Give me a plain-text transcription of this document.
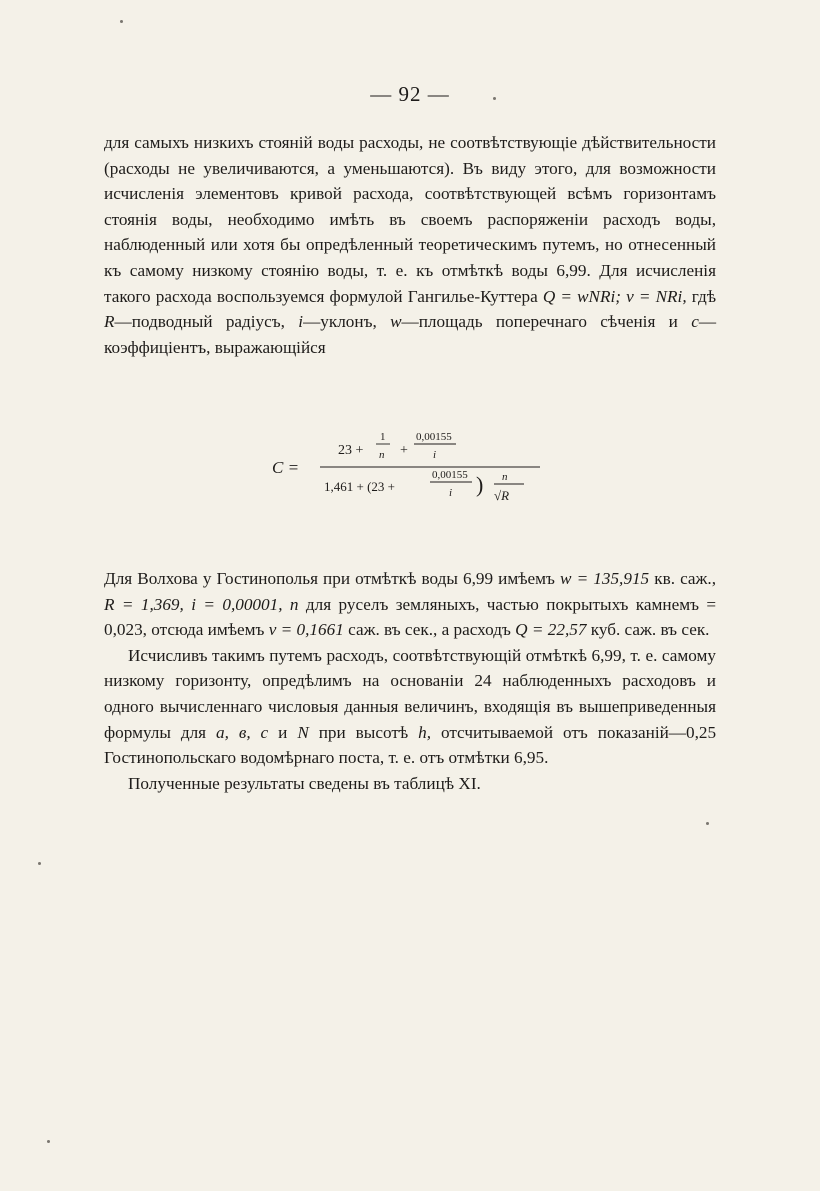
— 92 —

для самыхъ низкихъ стояній воды расходы, не соотвѣтствующіе дѣйствительности (расходы не увеличиваются, а уменьшаются). Въ виду этого, для возможности исчисленія элементовъ кривой расхода, соотвѣтствующей всѣмъ горизонтамъ стоянія воды, необходимо имѣть въ своемъ распоряженіи расходъ воды, наблюденный или хотя бы опредѣленный теоретическимъ путемъ, но отнесенный къ самому низкому стоянію воды, т. е. къ отмѣткѣ воды 6,99. Для исчисленія такого расхода воспользуемся формулой Гангилье-Куттера Q = wNRi; v = NRi, гдѣ R—подводный радіусъ, i—уклонъ, w—площадь поперечнаго сѣченія и c—коэффиціентъ, выражающійся

C =
23 +
1
n +
0,00155
i
1,461 + (23 +
0,00155
i ) n
√R

Для Волхова у Гостинополья при отмѣткѣ воды 6,99 имѣемъ w = 135,915 кв. саж., R = 1,369, i = 0,00001, n для руселъ земляныхъ, частью покрытыхъ камнемъ = 0,023, отсюда имѣемъ v = 0,1661 саж. въ сек., а расходъ Q = 22,57 куб. саж. въ сек.

Исчисливъ такимъ путемъ расходъ, соотвѣтствующій отмѣткѣ 6,99, т. е. самому низкому горизонту, опредѣлимъ на основаніи 24 наблюденныхъ расходовъ и одного вычисленнаго числовыя данныя величинъ, входящія въ вышеприведенныя формулы для a, в, c и N при высотѣ h, отсчитываемой отъ показаній—0,25 Гостинопольскаго водомѣрнаго поста, т. е. отъ отмѣтки 6,95.

Полученные результаты сведены въ таблицѣ XI.
